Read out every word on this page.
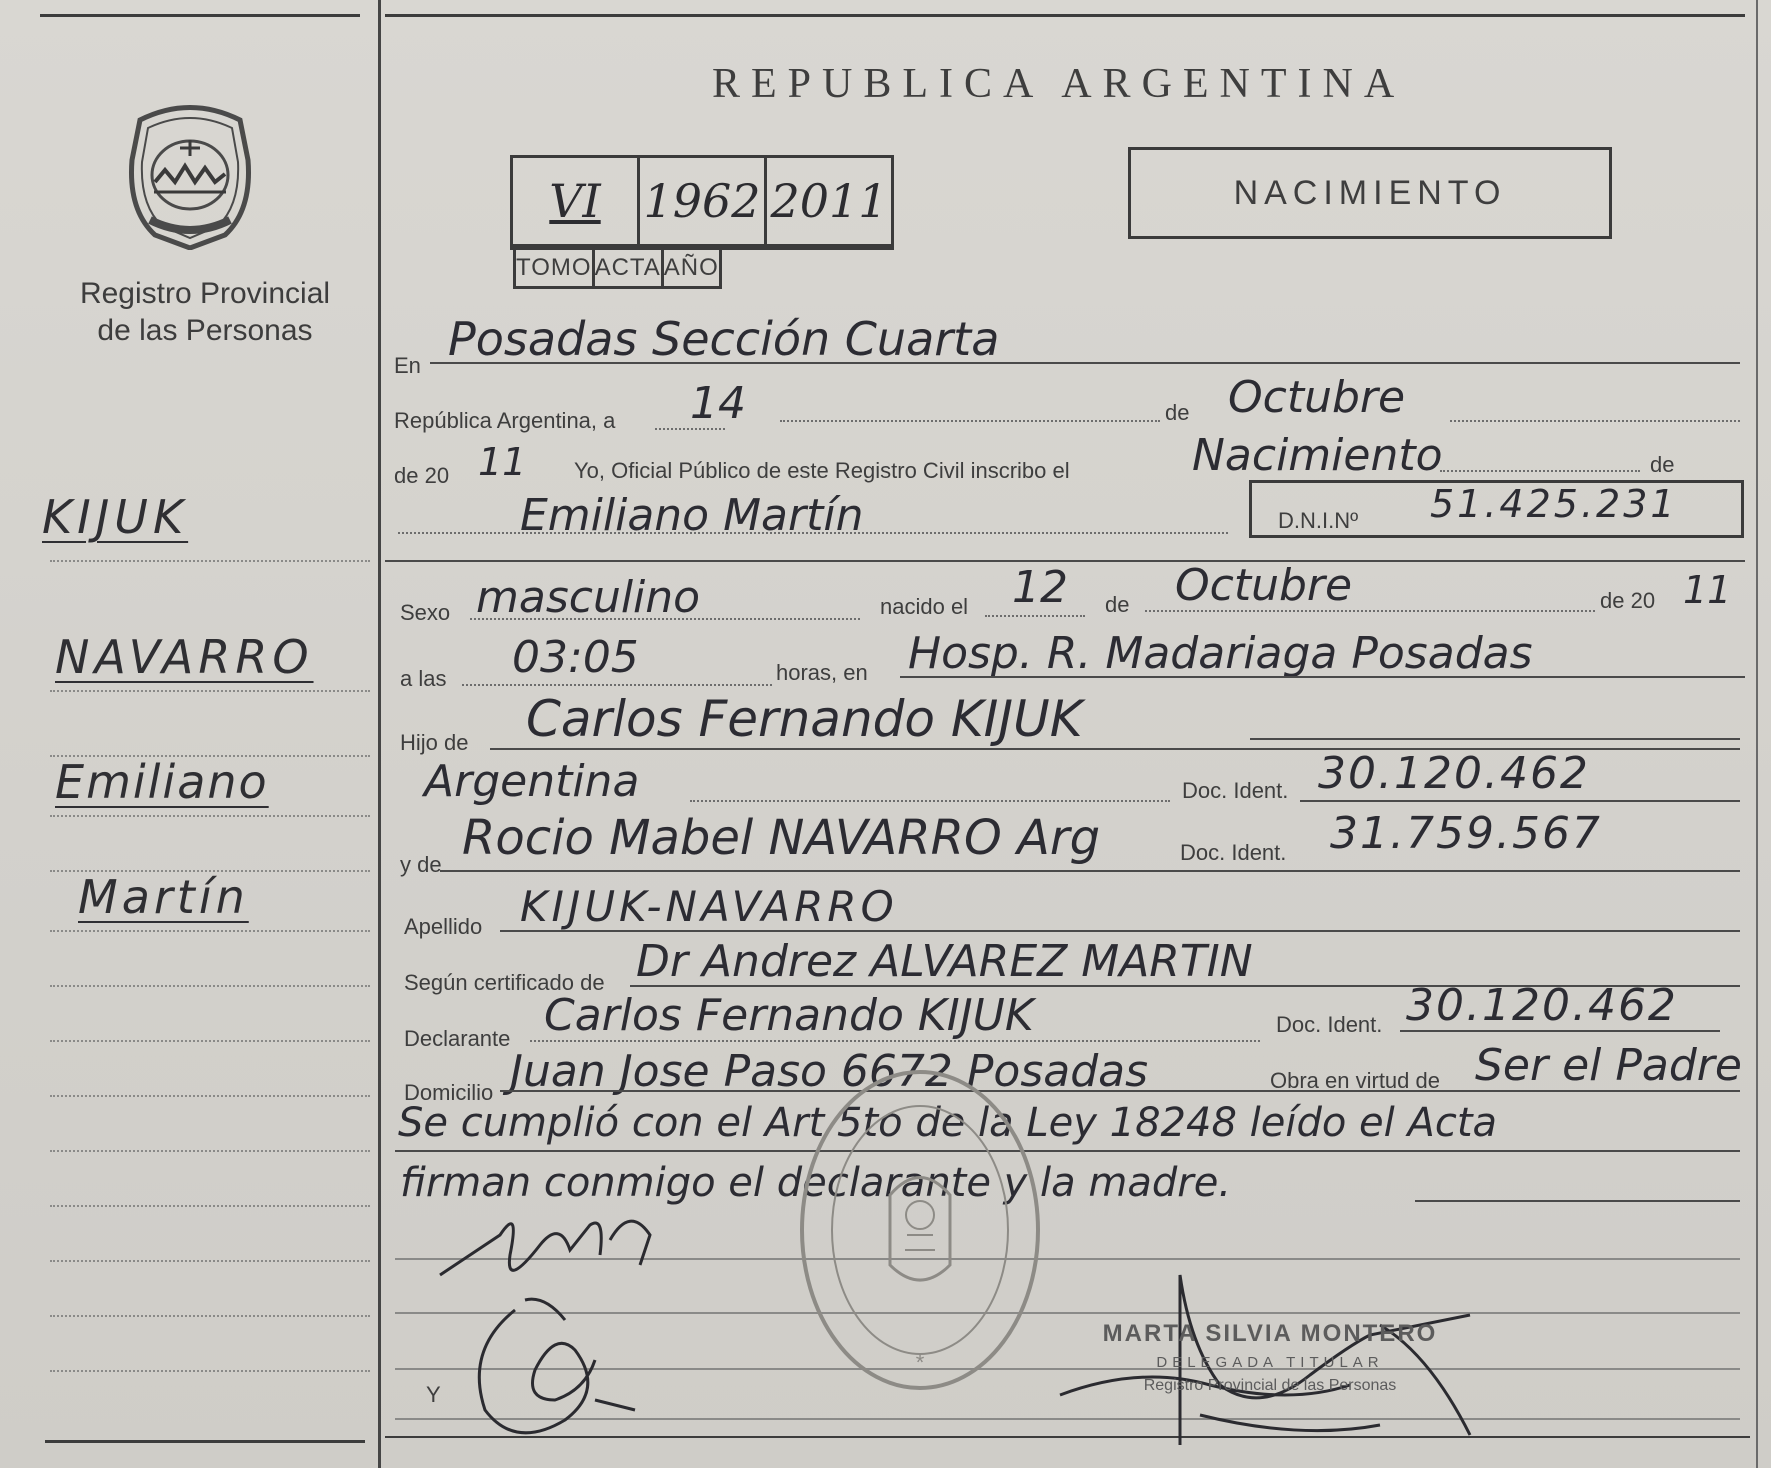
Registro Provincial
de las Personas
KIJUK
NAVARRO
Emiliano
Martín
REPUBLICA ARGENTINA
VI	1962	2011

TOMO	ACTA	AÑO
NACIMIENTO
En Posadas Sección Cuarta
República Argentina, a 14	de Octubre
de 20 11 Yo, Oficial Público de este Registro Civil inscribo el	Nacimiento	de
Emiliano Martín	D.N.I.Nº 51.425.231
Sexo masculino	nacido el 12 de Octubre	de 20 11
a las 03:05	horas, en Hosp. R. Madariaga Posadas
Hijo de Carlos Fernando KIJUK
Argentina	Doc. Ident. 30.120.462
y de Rocio Mabel NAVARRO Arg	Doc. Ident. 31.759.567
Apellido KIJUK-NAVARRO
Según certificado de Dr Andrez ALVAREZ MARTIN
Declarante Carlos Fernando KIJUK	Doc. Ident. 30.120.462
Domicilio Juan Jose Paso 6672 Posadas	Obra en virtud de Ser el Padre
Se cumplió con el Art 5to de la Ley 18248 leído el Acta
firman conmigo el declarante y la madre.
Y
*
MARTA SILVIA MONTERO
DELEGADA TITULAR
Registro Provincial de las Personas
